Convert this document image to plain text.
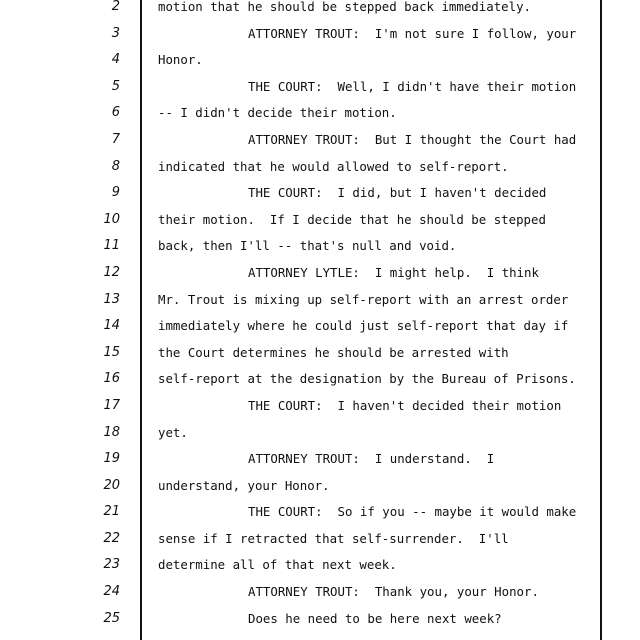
2	motion that he should be stepped back immediately.
3	ATTORNEY TROUT:  I'm not sure I follow, your
4	Honor.
5	THE COURT:  Well, I didn't have their motion
6	-- I didn't decide their motion.
7	ATTORNEY TROUT:  But I thought the Court had
8	indicated that he would allowed to self-report.
9	THE COURT:  I did, but I haven't decided
10	their motion.  If I decide that he should be stepped
11	back, then I'll -- that's null and void.
12	ATTORNEY LYTLE:  I might help.  I think
13	Mr. Trout is mixing up self-report with an arrest order
14	immediately where he could just self-report that day if
15	the Court determines he should be arrested with
16	self-report at the designation by the Bureau of Prisons.
17	THE COURT:  I haven't decided their motion
18	yet.
19	ATTORNEY TROUT:  I understand.  I
20	understand, your Honor.
21	THE COURT:  So if you -- maybe it would make
22	sense if I retracted that self-surrender.  I'll
23	determine all of that next week.
24	ATTORNEY TROUT:  Thank you, your Honor.
25	Does he need to be here next week?
